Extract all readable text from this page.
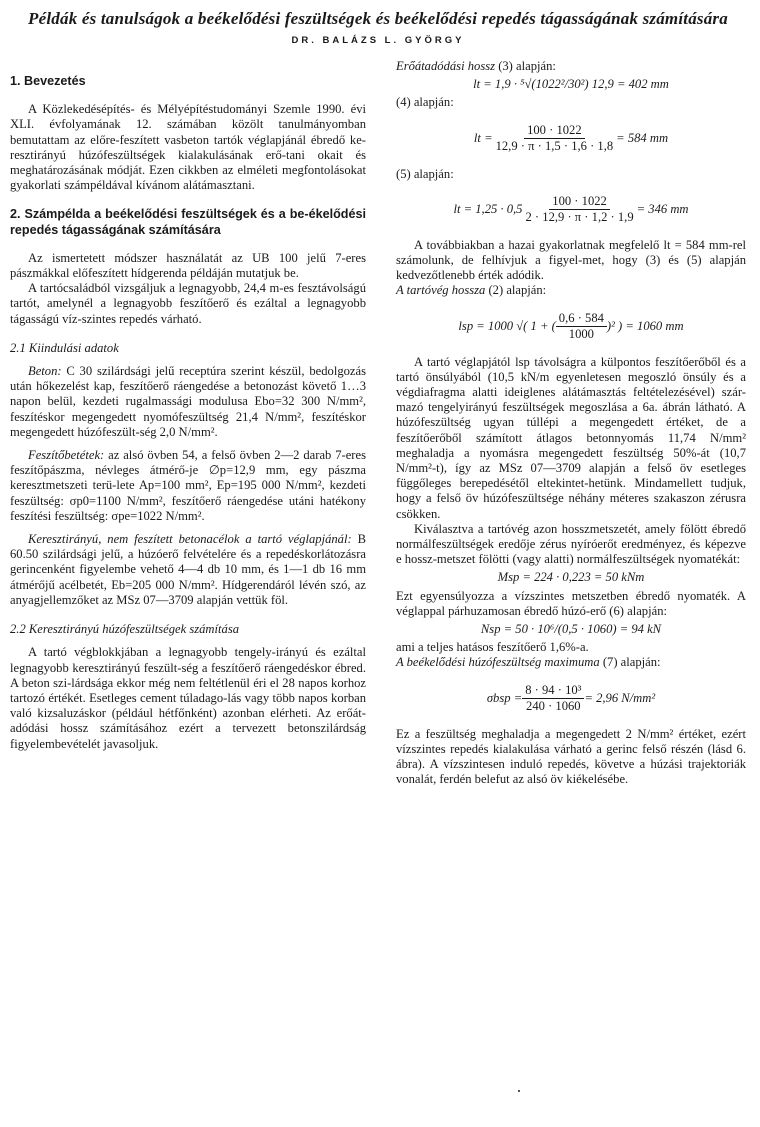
Példák és tanulságok a beékelődési feszültségek és beékelődési repedés tágasságának számítására
DR. BALÁZS L. GYÖRGY
1. Bevezetés

A Közlekedésépítés- és Mélyépítéstudományi Szemle 1990. évi XLI. évfolyamának 12. számában közölt tanulmányomban bemutattam az előre-feszített vasbeton tartók véglapjánál ébredő ke-resztirányú húzófeszültségek kialakulásának erő-tani okait és meghatározásának módját. Ezen cikkben az elméleti megfontolásokat gyakorlati számpéldával kívánom alátámasztani.

2. Számpélda a beékelődési feszültségek és a be-ékelődési repedés tágasságának számítására

Az ismertetett módszer használatát az UB 100 jelű 7-eres pászmákkal előfeszített hídgerenda példáján mutatjuk be.

A tartócsaládból vizsgáljuk a legnagyobb, 24,4 m-es fesztávolságú tartót, amelynél a legnagyobb feszítőerő és ezáltal a legnagyobb tágasságú víz-szintes repedés várható.

2.1 Kiindulási adatok

Beton: C 30 szilárdsági jelű receptúra szerint készül, bedolgozás után hőkezelést kap, feszítőerő ráengedése a betonozást követő 1…3 napon belül, kezdeti rugalmassági modulusa Ebo=32 300 N/mm², feszítéskor megengedett nyomófeszültség 21,4 N/mm², feszítéskor megengedett húzófeszült-ség 2,0 N/mm².

Feszítőbetétek: az alsó övben 54, a felső övben 2—2 darab 7-eres feszítőpászma, névleges átmérő-je ∅p=12,9 mm, egy pászma keresztmetszeti terü-lete Ap=100 mm², Ep=195 000 N/mm², kezdeti feszültség: σp0=1100 N/mm², feszítőerő ráengedése utáni hatékony feszítési feszültség: σpe=1022 N/mm².

Keresztirányú, nem feszített betonacélok a tartó véglapjánál: B 60.50 szilárdsági jelű, a húzóerő felvételére és a repedéskorlátozásra gerincenként figyelembe vehető 4—4 db 10 mm, és 1—1 db 16 mm átmérőjű acélbetét, Eb=205 000 N/mm². Hídgerendáról lévén szó, az anyagjellemzőket az MSz 07—3709 alapján vettük föl.

2.2 Keresztirányú húzófeszültségek számítása

A tartó végblokkjában a legnagyobb tengely-irányú és ezáltal legnagyobb keresztirányú feszült-ség a feszítőerő ráengedéskor ébred. A beton szi-lárdsága ekkor még nem feltétlenül éri el 28 napos korhoz tartozó értékét. Esetleges cement túladago-lás vagy több napos korban való kizsaluzáskor (például hétfőnként) azonban elérheti. Az erőát-adódási hossz számításához ezért a tervezett betonszilárdság figyelembevételét javasoljuk.

Erőátadódási hossz (3) alapján:

lt = 1,9 · ⁵√(1022²/30²) 12,9 = 402 mm

(4) alapján:

lt = $\frac{100 \cdot 1022}{12,9 \cdot \pi \cdot 1,5 \cdot 1,6 \cdot 1,8} = 584$ mm

(5) alapján:

lt = $1,25 \cdot 0,5 \frac{100 \cdot 1022}{2 \cdot 12,9 \cdot \pi \cdot 1,2 \cdot 1,9} = 346$ mm

A továbbiakban a hazai gyakorlatnak megfelelő lt = 584 mm-rel számolunk, de felhívjuk a figyel-met, hogy (3) és (5) alapján kedvezőtlenebb érték adódik.

A tartóvég hossza (2) alapján:

lsp = 1000 √( 1 + ( $\frac{0,6 \cdot 584}{1000} )^2$ ) = 1060 mm

A tartó véglapjától lsp távolságra a külpontos feszítőerőből és a tartó önsúlyából (10,5 kN/m egyenletesen megoszló önsúly és a végdiafragma alatti ideiglenes alátámasztás feltételezésével) szár-mazó tengelyirányú feszültségek megoszlása a 6a. ábrán látható. A húzófeszültség ugyan túllépi a megengedett értéket, de a feszítőerőből számított átlagos betonnyomás 11,74 N/mm² meghaladja a nyomásra megengedett feszültség 50%-át (10,7 N/mm²-t), így az MSz 07—3709 alapján a felső öv esetleges függőleges berepedésétől eltekintet-hetünk. Mindamellett tudjuk, hogy a felső öv húzófeszültsége néhány méteres szakaszon zérusra csökken.

Kiválasztva a tartóvég azon hosszmetszetét, amely fölött ébredő normálfeszültségek eredője zérus nyíróerőt eredményez, és képezve e hossz-metszet fölötti (vagy alatti) normálfeszültségek nyomatékát:

Msp = 224 · 0,223 = 50 kNm

Ezt egyensúlyozza a vízszintes metszetben ébredő nyomaték. A véglappal párhuzamosan ébredő húzó-erő (6) alapján:

Nsp = 50 · 10⁶/(0,5 · 1060) = 94 kN

ami a teljes hatásos feszítőerő 1,6%-a.

A beékelődési húzófeszültség maximuma (7) alapján:

$\sigma bsp = \frac{\text{8 · 94 · 10³}}{240 \cdot 1060} = 2,96$ N/mm²

Ez a feszültség meghaladja a megengedett 2 N/mm² értéket, ezért vízszintes repedés kialakulása várható a gerinc felső részén (lásd 6. ábra). A vízszintesen induló repedés, követve a húzási trajektoriák vonalát, ferdén belefut az alsó öv kiékelésébe.
